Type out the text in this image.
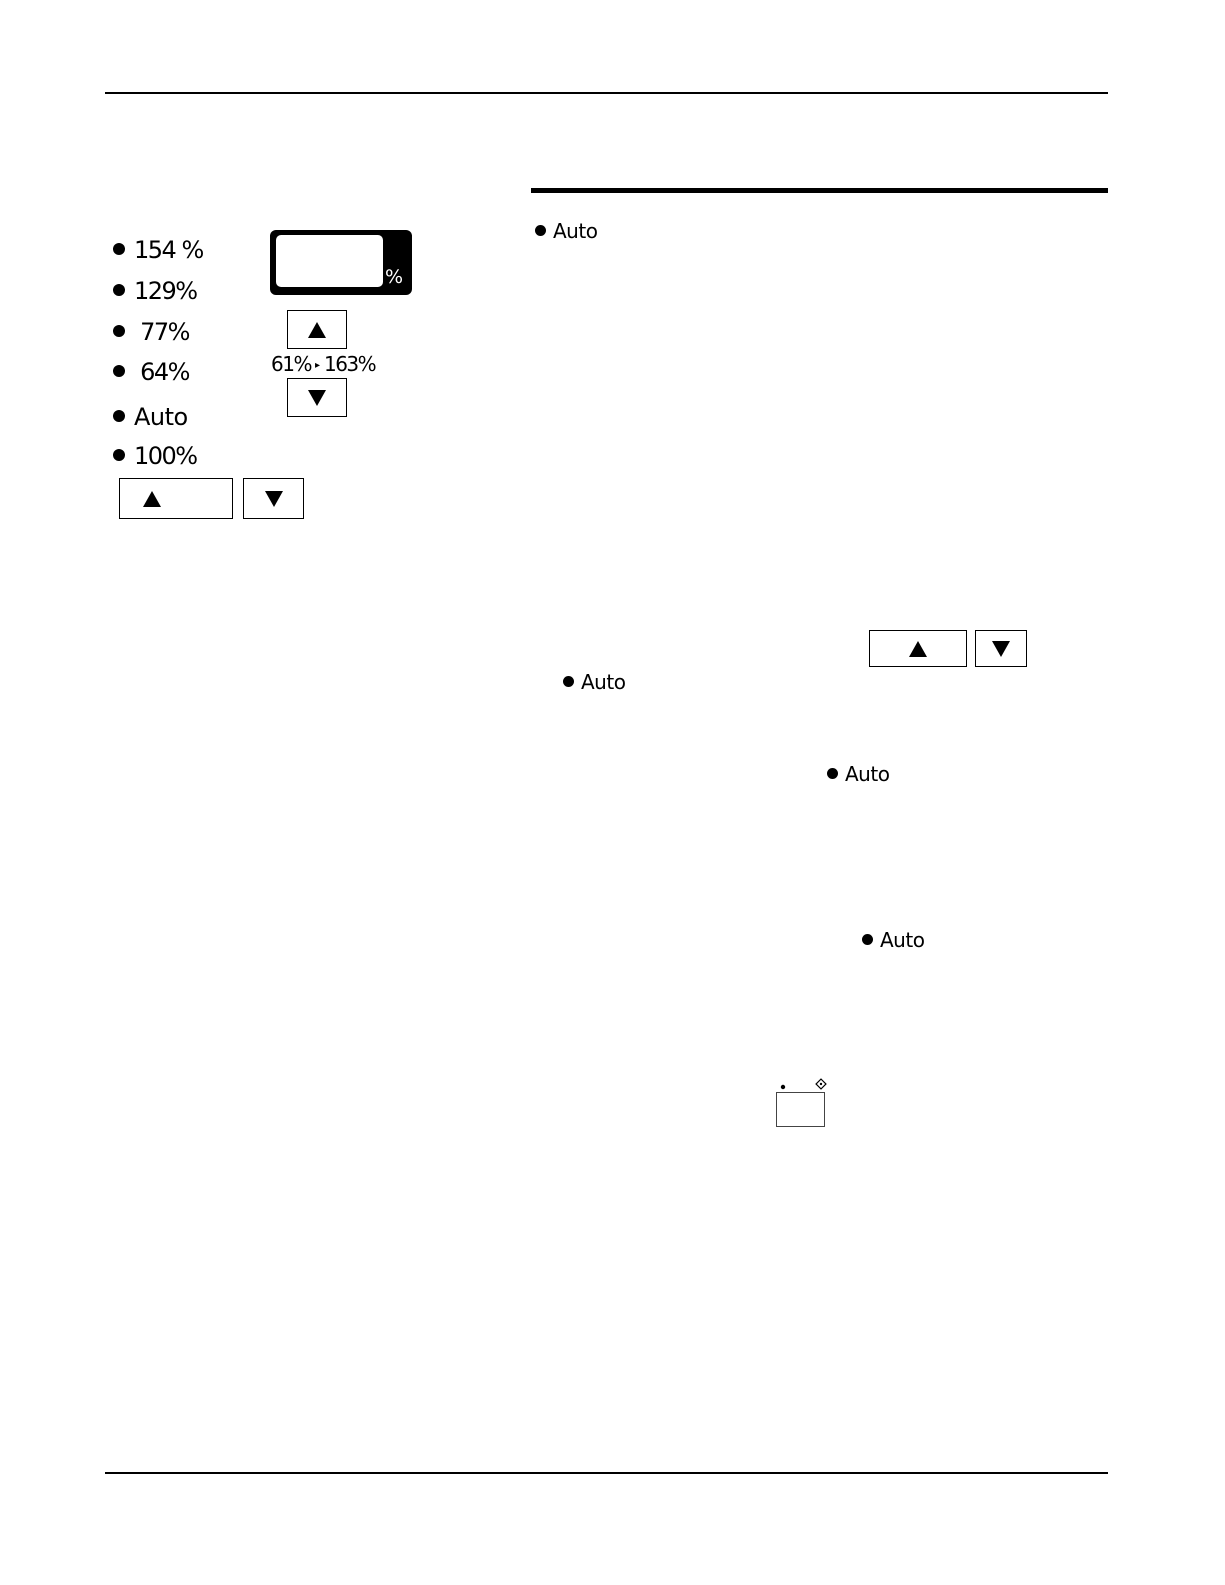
154 %
129%
77%
64%
Auto
100%
%
61% ▸ 163%
Auto
Auto
Auto
Auto
